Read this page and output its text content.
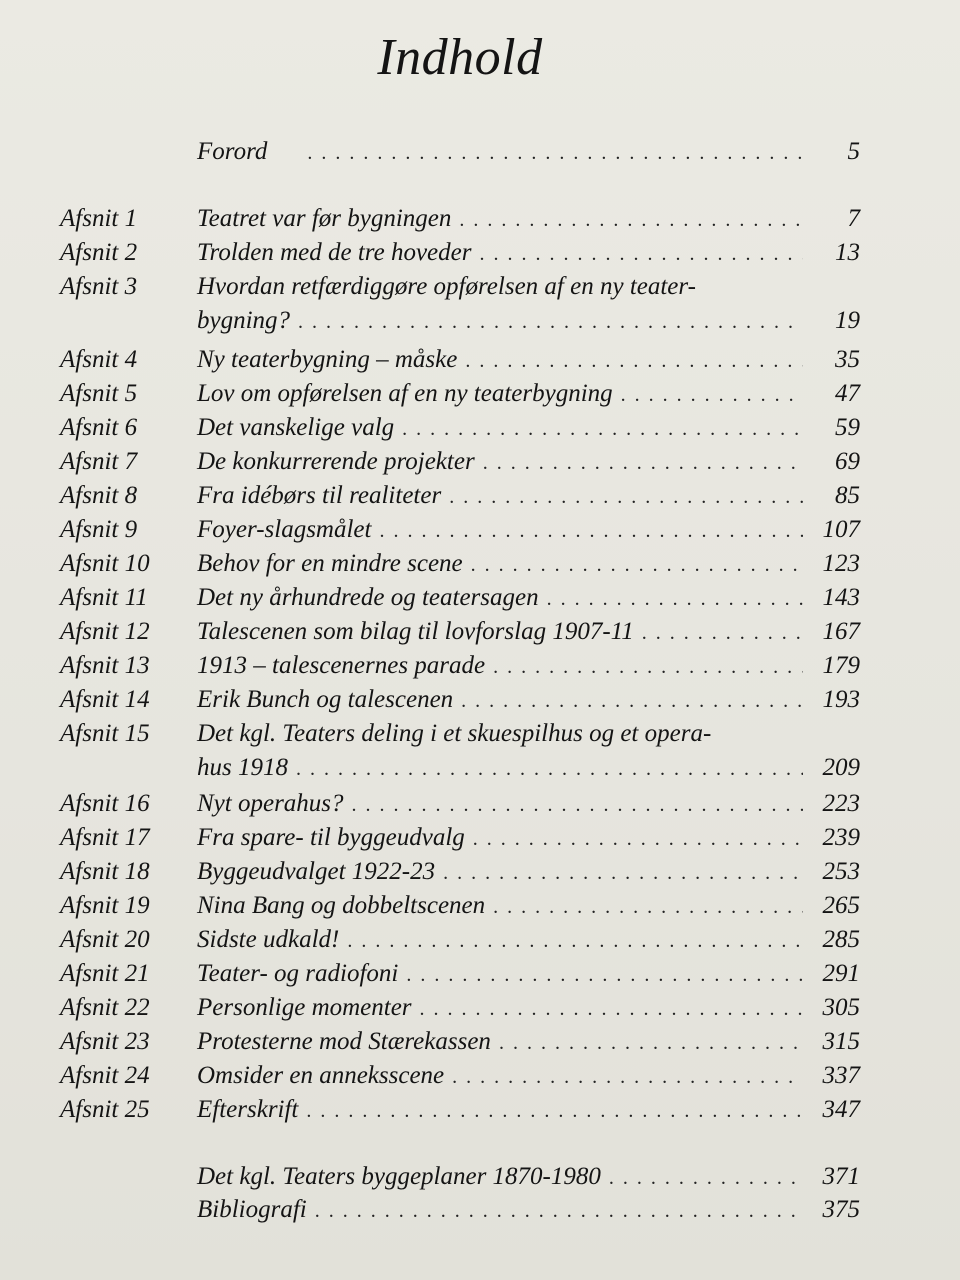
Indhold
Forord . . .	5
Afsnit 1 Teatret var før bygningen . . .	7
Afsnit 2 Trolden med de tre hoveder . . .	13
Afsnit 3 Hvordan retfærdiggøre opførelsen af en ny teater-
bygning? . . .	19
Afsnit 4 Ny teaterbygning – måske . . .	35
Afsnit 5 Lov om opførelsen af en ny teaterbygning . . .	47
Afsnit 6 Det vanskelige valg . . .	59
Afsnit 7 De konkurrerende projekter . . .	69
Afsnit 8 Fra idébørs til realiteter . . .	85
Afsnit 9 Foyer-slagsmålet . . .	107
Afsnit 10 Behov for en mindre scene . . .	123
Afsnit 11 Det ny århundrede og teatersagen . . .	143
Afsnit 12 Talescenen som bilag til lovforslag 1907-11 . . .	167
Afsnit 13 1913 – talescenernes parade . . .	179
Afsnit 14 Erik Bunch og talescenen . . .	193
Afsnit 15 Det kgl. Teaters deling i et skuespilhus og et opera-
hus 1918 . . .	209
Afsnit 16 Nyt operahus? . . .	223
Afsnit 17 Fra spare- til byggeudvalg . . .	239
Afsnit 18 Byggeudvalget 1922-23 . . .	253
Afsnit 19 Nina Bang og dobbeltscenen . . .	265
Afsnit 20 Sidste udkald! . . .	285
Afsnit 21 Teater- og radiofoni . . .	291
Afsnit 22 Personlige momenter . . .	305
Afsnit 23 Protesterne mod Stærekassen . . .	315
Afsnit 24 Omsider en anneksscene . . .	337
Afsnit 25 Efterskrift . . .	347
Det kgl. Teaters byggeplaner 1870-1980 . . .	371
Bibliografi . . .	375
